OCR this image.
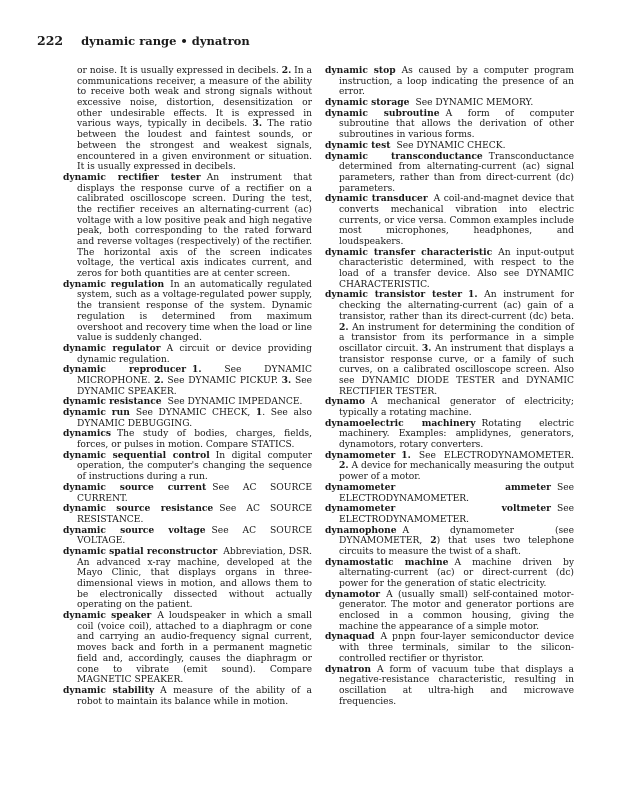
222 dynamic range • dynatron

or noise. It is usually expressed in decibels. 2. In a communications receiver, a measure of the ability to receive both weak and strong signals without excessive noise, distortion, desensitization or other undesirable effects. It is expressed in various ways, typically in decibels. 3. The ratio between the loudest and faintest sounds, or between the strongest and weakest signals, encountered in a given environment or situation. It is usually expressed in decibels.

dynamic rectifier tester An instrument that displays the response curve of a rectifier on a calibrated oscilloscope screen. During the test, the rectifier receives an alternating-current (ac) voltage with a low positive peak and high negative peak, both corresponding to the rated forward and reverse voltages (respectively) of the rectifier. The horizontal axis of the screen indicates voltage, the vertical axis indicates current, and zeros for both quantities are at center screen.

dynamic regulation In an automatically regulated system, such as a voltage-regulated power supply, the transient response of the system. Dynamic regulation is determined from maximum overshoot and recovery time when the load or line value is suddenly changed.

dynamic regulator A circuit or device providing dynamic regulation.

dynamic reproducer 1. See DYNAMIC MICROPHONE. 2. See DYNAMIC PICKUP. 3. See DYNAMIC SPEAKER.

dynamic resistance See DYNAMIC IMPEDANCE.

dynamic run See DYNAMIC CHECK, 1. See also DYNAMIC DEBUGGING.

dynamics The study of bodies, charges, fields, forces, or pulses in motion. Compare STATICS.

dynamic sequential control In digital computer operation, the computer's changing the sequence of instructions during a run.

dynamic source current See AC SOURCE CURRENT.

dynamic source resistance See AC SOURCE RESISTANCE.

dynamic source voltage See AC SOURCE VOLTAGE.

dynamic spatial reconstructor Abbreviation, DSR. An advanced x-ray machine, developed at the Mayo Clinic, that displays organs in three-dimensional views in motion, and allows them to be electronically dissected without actually operating on the patient.

dynamic speaker A loudspeaker in which a small coil (voice coil), attached to a diaphragm or cone and carrying an audio-frequency signal current, moves back and forth in a permanent magnetic field and, accordingly, causes the diaphragm or cone to vibrate (emit sound). Compare MAGNETIC SPEAKER.

dynamic stability A measure of the ability of a robot to maintain its balance while in motion.

dynamic stop As caused by a computer program instruction, a loop indicating the presence of an error.

dynamic storage See DYNAMIC MEMORY.

dynamic subroutine A form of computer subroutine that allows the derivation of other subroutines in various forms.

dynamic test See DYNAMIC CHECK.

dynamic transconductance Transconductance determined from alternating-current (ac) signal parameters, rather than from direct-current (dc) parameters.

dynamic transducer A coil-and-magnet device that converts mechanical vibration into electric currents, or vice versa. Common examples include most microphones, headphones, and loudspeakers.

dynamic transfer characteristic An input-output characteristic determined, with respect to the load of a transfer device. Also see DYNAMIC CHARACTERISTIC.

dynamic transistor tester 1. An instrument for checking the alternating-current (ac) gain of a transistor, rather than its direct-current (dc) beta. 2. An instrument for determining the condition of a transistor from its performance in a simple oscillator circuit. 3. An instrument that displays a transistor response curve, or a family of such curves, on a calibrated oscilloscope screen. Also see DYNAMIC DIODE TESTER and DYNAMIC RECTIFIER TESTER.

dynamo A mechanical generator of electricity; typically a rotating machine.

dynamoelectric machinery Rotating electric machinery. Examples: amplidynes, generators, dynamotors, rotary converters.

dynamometer 1. See ELECTRODYNAMOMETER. 2. A device for mechanically measuring the output power of a motor.

dynamometer ammeter See ELECTRODYNAMOMETER.

dynamometer voltmeter See ELECTRODYNAMOMETER.

dynamophone A dynamometer (see DYNAMOMETER, 2) that uses two telephone circuits to measure the twist of a shaft.

dynamostatic machine A machine driven by alternating-current (ac) or direct-current (dc) power for the generation of static electricity.

dynamotor A (usually small) self-contained motor-generator. The motor and generator portions are enclosed in a common housing, giving the machine the appearance of a simple motor.

dynaquad A pnpn four-layer semiconductor device with three terminals, similar to the silicon-controlled rectifier or thyristor.

dynatron A form of vacuum tube that displays a negative-resistance characteristic, resulting in oscillation at ultra-high and microwave frequencies.
